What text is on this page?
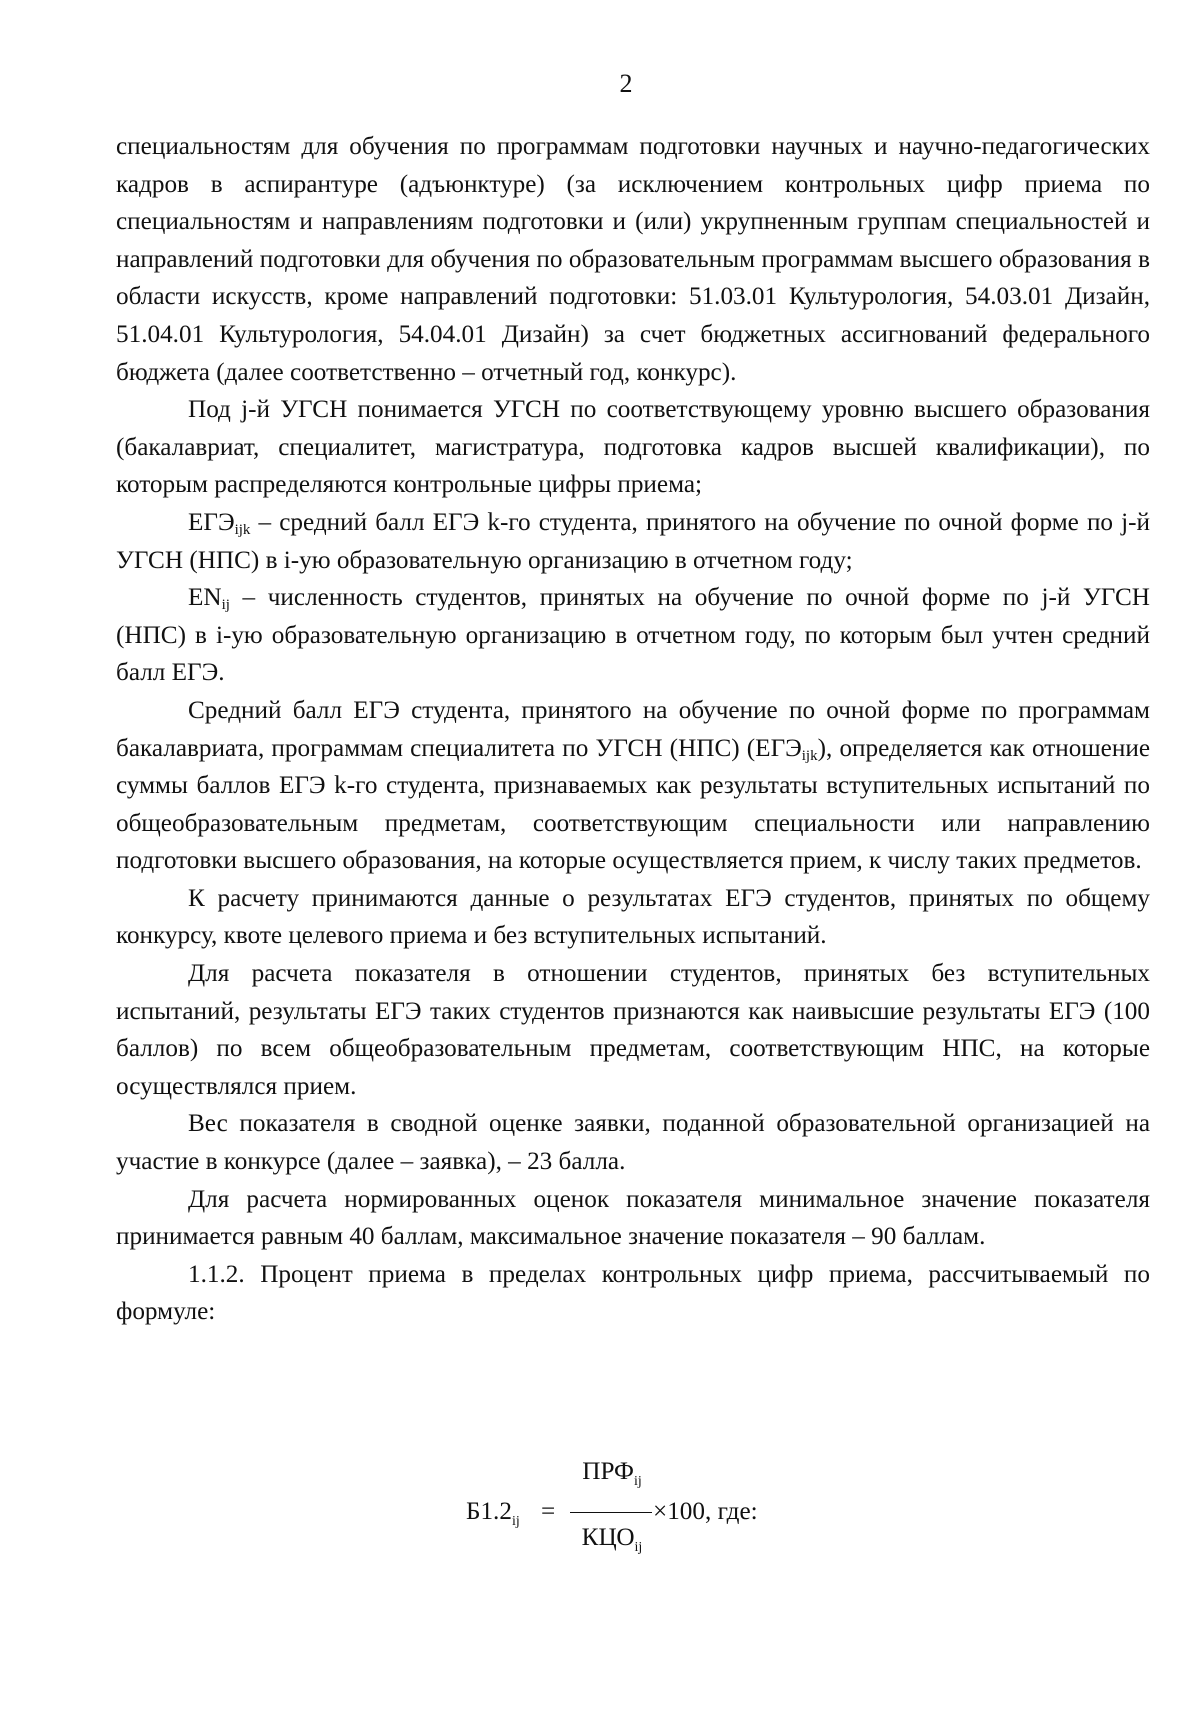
2

специальностям для обучения по программам подготовки научных и научно-педагогических кадров в аспирантуре (адъюнктуре) (за исключением контрольных цифр приема по специальностям и направлениям подготовки и (или) укрупненным группам специальностей и направлений подготовки для обучения по образовательным программам высшего образования в области искусств, кроме направлений подготовки: 51.03.01 Культурология, 54.03.01 Дизайн, 51.04.01 Культурология, 54.04.01 Дизайн) за счет бюджетных ассигнований федерального бюджета (далее соответственно – отчетный год, конкурс).

Под j-й УГСН понимается УГСН по соответствующему уровню высшего образования (бакалавриат, специалитет, магистратура, подготовка кадров высшей квалификации), по которым распределяются контрольные цифры приема;

$ЕГЭ_{ijk}$ – средний балл ЕГЭ k-го студента, принятого на обучение по очной форме по j-й УГСН (НПС) в i-ую образовательную организацию в отчетном году;

$EN_{ij}$ – численность студентов, принятых на обучение по очной форме по j-й УГСН (НПС) в i-ую образовательную организацию в отчетном году, по которым был учтен средний балл ЕГЭ.

Средний балл ЕГЭ студента, принятого на обучение по очной форме по программам бакалавриата, программам специалитета по УГСН (НПС) $(ЕГЭ_{ijk})$, определяется как отношение суммы баллов ЕГЭ k-го студента, признаваемых как результаты вступительных испытаний по общеобразовательным предметам, соответствующим специальности или направлению подготовки высшего образования, на которые осуществляется прием, к числу таких предметов.

К расчету принимаются данные о результатах ЕГЭ студентов, принятых по общему конкурсу, квоте целевого приема и без вступительных испытаний.

Для расчета показателя в отношении студентов, принятых без вступительных испытаний, результаты ЕГЭ таких студентов признаются как наивысшие результаты ЕГЭ (100 баллов) по всем общеобразовательным предметам, соответствующим НПС, на которые осуществлялся прием.

Вес показателя в сводной оценке заявки, поданной образовательной организацией на участие в конкурсе (далее – заявка), – 23 балла.

Для расчета нормированных оценок показателя минимальное значение показателя принимается равным 40 баллам, максимальное значение показателя – 90 баллам.

1.1.2. Процент приема в пределах контрольных цифр приема, рассчитываемый по формуле:

$Б1.2_{ij}$ =
$ПРФ_{ij}$
$КЦО_{ij}$
×100, где:
